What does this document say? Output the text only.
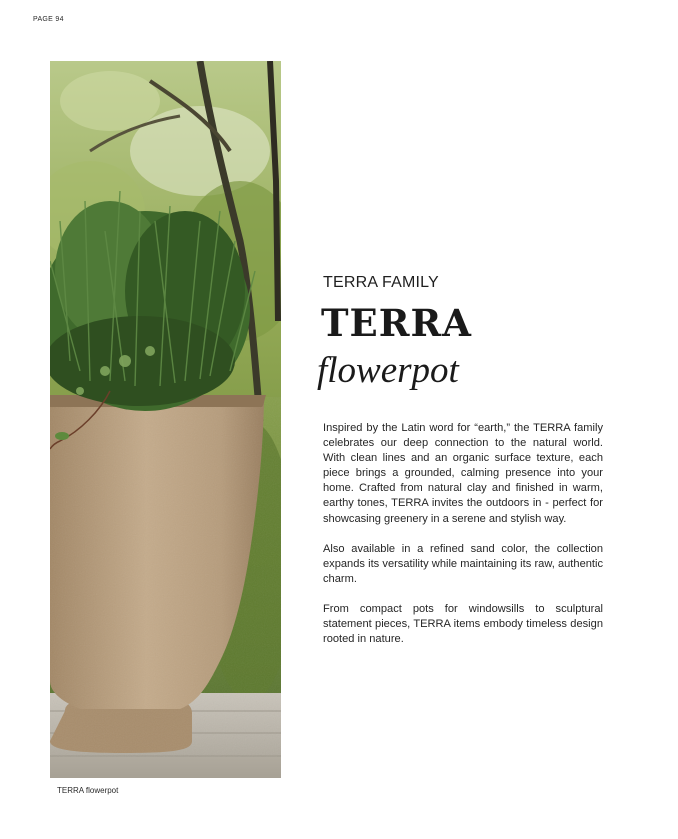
PAGE 94
TERRA flowerpot
TERRA FAMILY
TERRA
flowerpot

Inspired by the Latin word for “earth,” the TERRA family celebrates our deep connection to the natural world. With clean lines and an organic surface texture, each piece brings a grounded, calming presence into your home. Crafted from natural clay and finished in warm, earthy tones, TERRA invites the outdoors in - perfect for showcasing greenery in a serene and stylish way.

Also available in a refined sand color, the collection expands its versatility while maintaining its raw, authentic charm.

From compact pots for windowsills to sculptural statement pieces, TERRA items embody timeless design rooted in nature.
